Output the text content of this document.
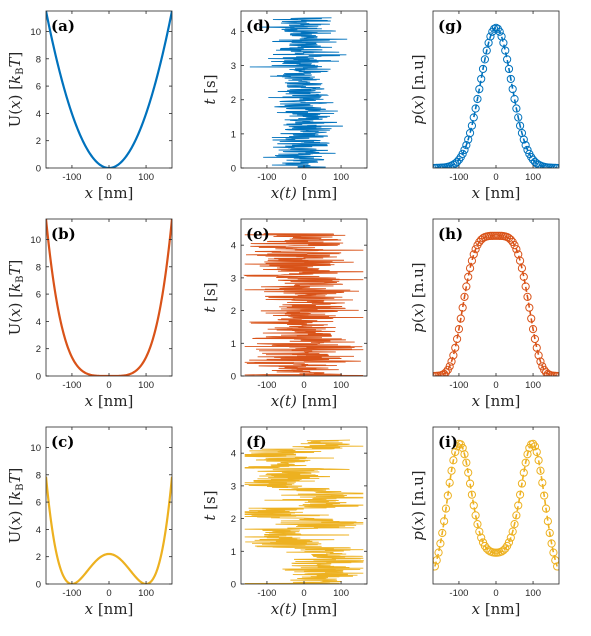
-100	0	100
0
2
4
6
8
10 (a)
x [nm]
U(x) $[k_BT]$
-100	0	100
0
1
2
3
4 (d)
x(t) [nm]
t [s]
-100	0	100
(g)
x [nm]
p(x) [n.u]
-100	0	100
0
2
4
6
8
10 (b)
x [nm]
U(x) $[k_BT]$
-100	0	100
0
1
2
3
4
(e)
x(t) [nm]
t [s]
-100	0	100
(h)
x [nm]
p(x) [n.u]
-100	0	100
0
2
4
6
8
10 (c)
x [nm]
U(x) $[k_BT]$
-100	0	100
0
1
2
3
4
(f)
x(t) [nm]
t [s]
-100	0	100
(i)
x [nm]
p(x) [n.u]
